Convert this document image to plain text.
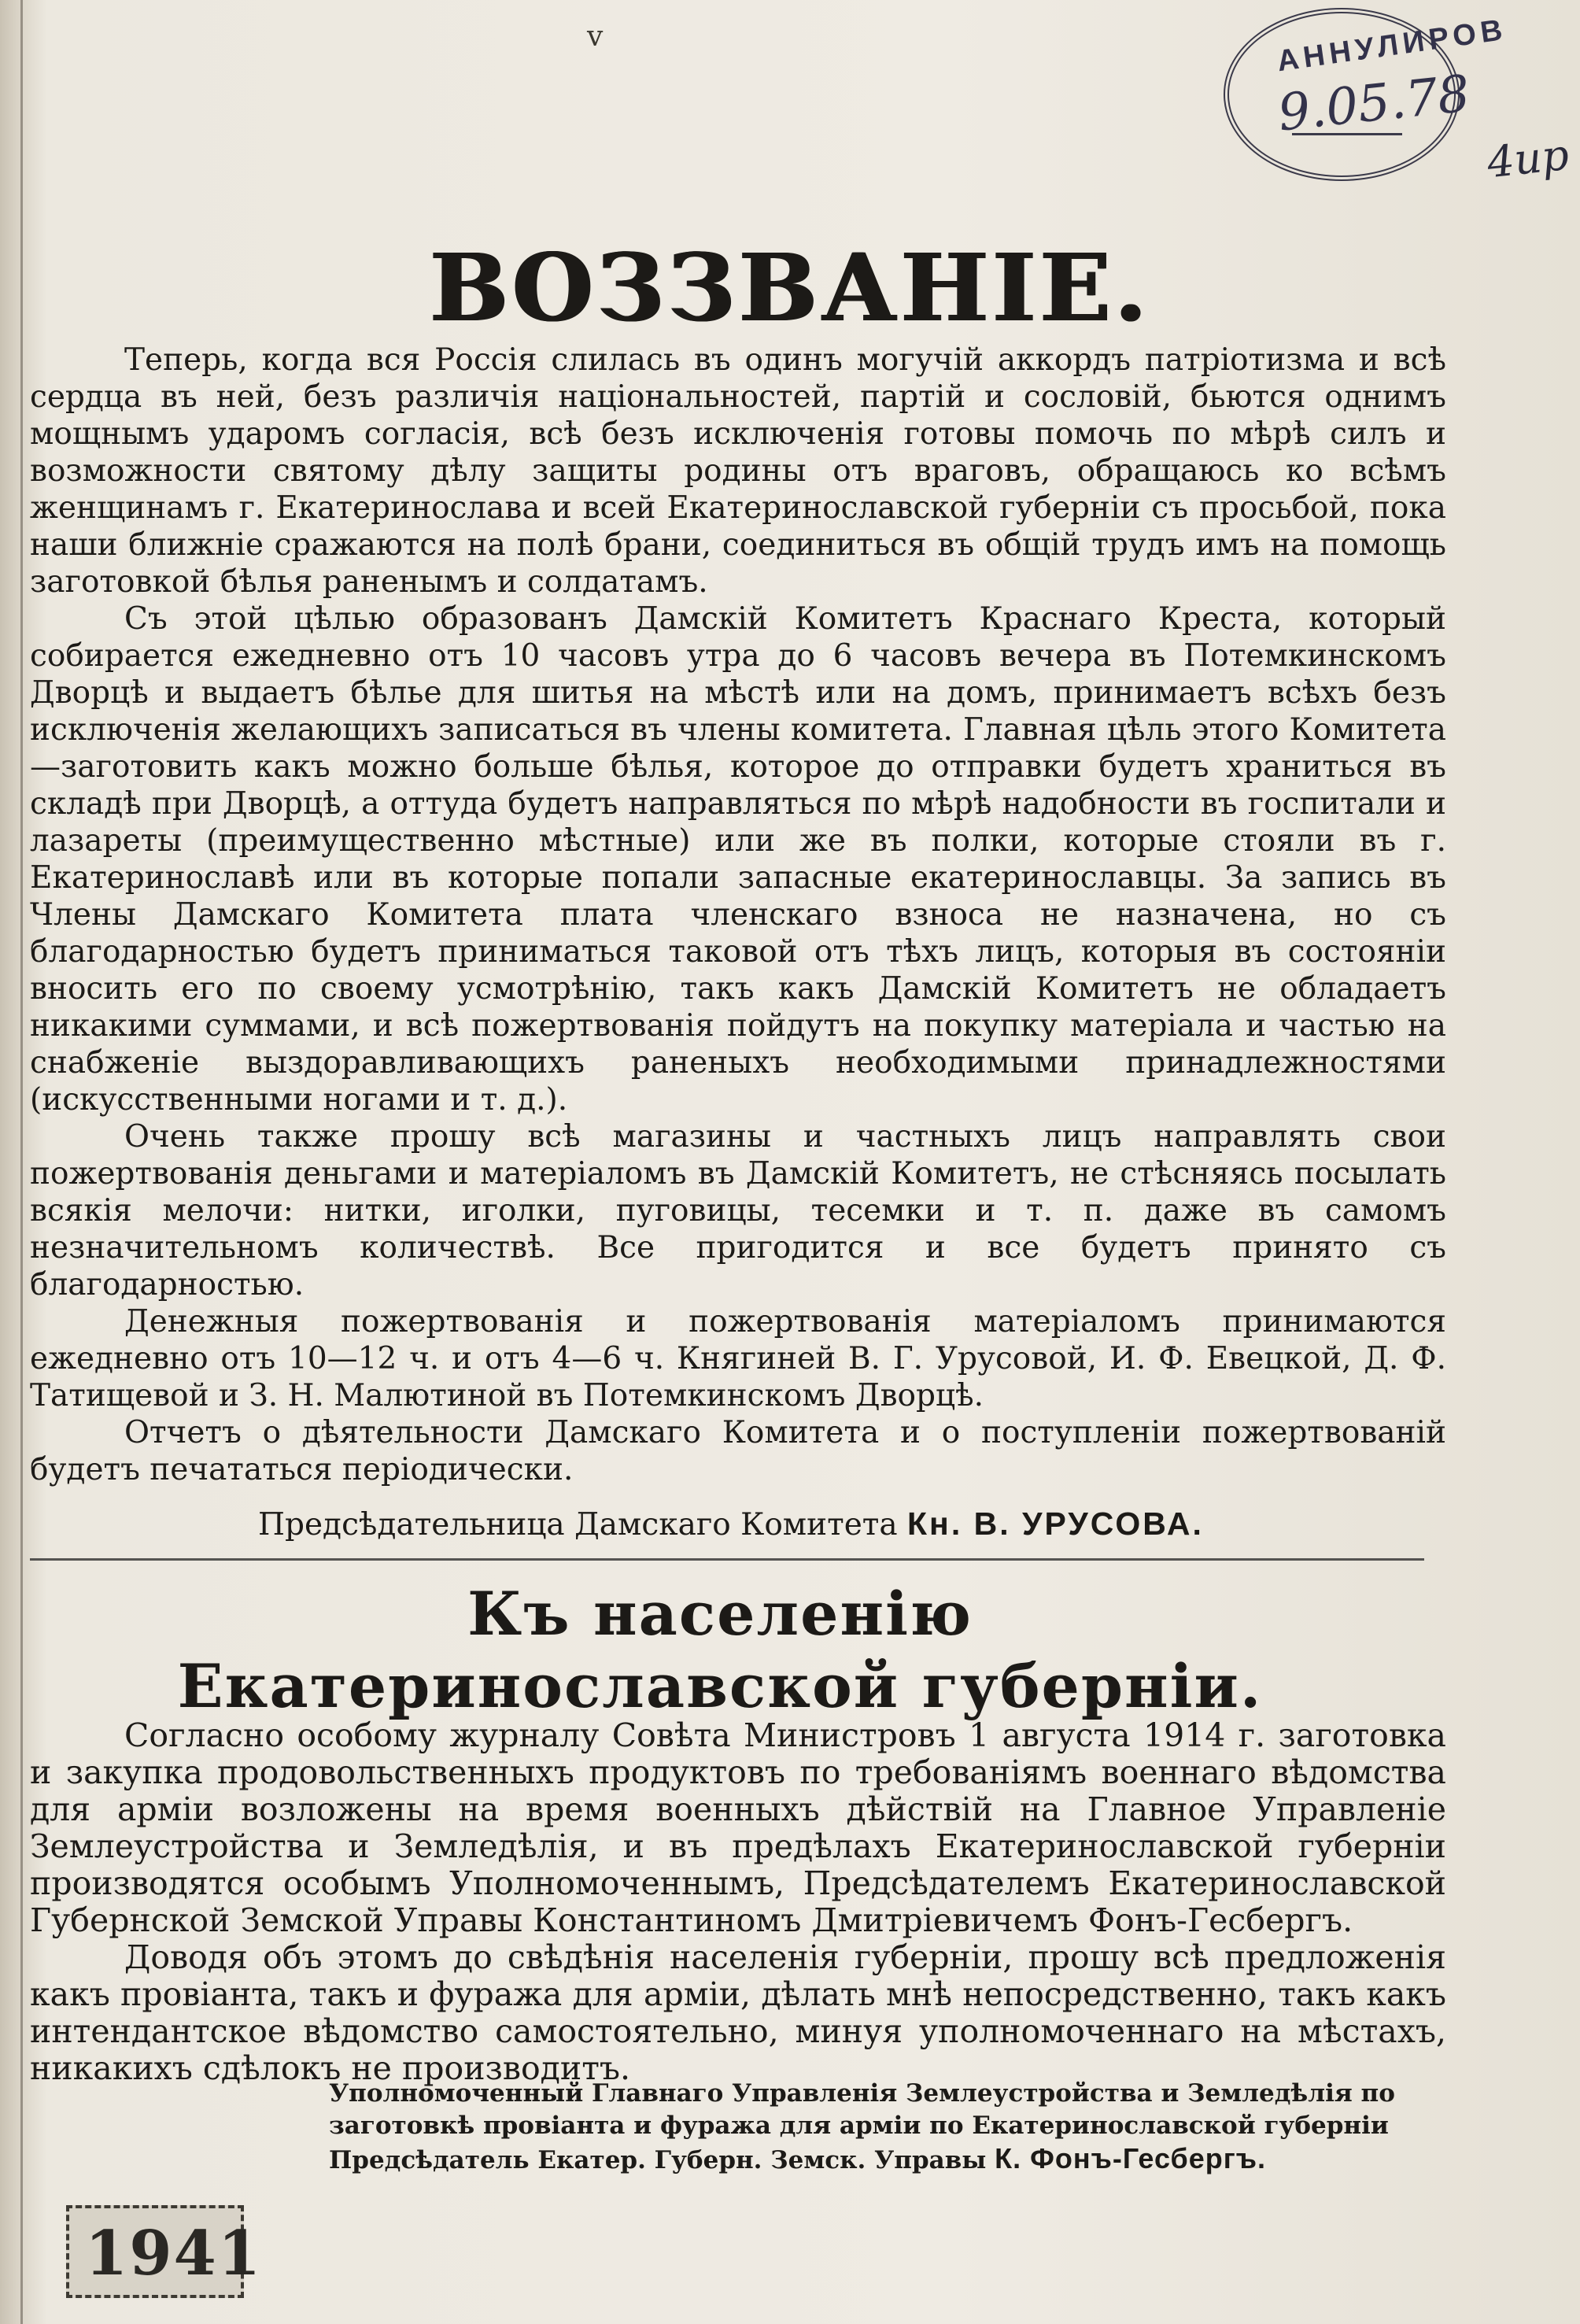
v	АННУЛИРОВ
9.05.78
4ир
ВОЗЗВАНІЕ.

Теперь, когда вся Россія слилась въ одинъ могучій аккордъ патріотизма и всѣ сердца въ ней, безъ различія національностей, партій и сословій, бьются однимъ мощнымъ ударомъ согласія, всѣ безъ исключенія готовы помочь по мѣрѣ силъ и возможности святому дѣлу защиты родины отъ враговъ, обращаюсь ко всѣмъ женщинамъ г. Екатеринослава и всей Екатеринославской губерніи съ просьбой, пока наши ближніе сражаются на полѣ брани, соединиться въ общій трудъ имъ на помощь заготовкой бѣлья раненымъ и солдатамъ.

Съ этой цѣлью образованъ Дамскій Комитетъ Краснаго Креста, который собирается ежедневно отъ 10 часовъ утра до 6 часовъ вечера въ Потемкинскомъ Дворцѣ и выдаетъ бѣлье для шитья на мѣстѣ или на домъ, принимаетъ всѣхъ безъ исключенія желающихъ записаться въ члены комитета. Главная цѣль этого Комитета—заготовить какъ можно больше бѣлья, которое до отправки будетъ храниться въ складѣ при Дворцѣ, а оттуда будетъ направляться по мѣрѣ надобности въ госпитали и лазареты (преимущественно мѣстные) или же въ полки, которые стояли въ г. Екатеринославѣ или въ которые попали запасные екатеринославцы. За запись въ Члены Дамскаго Комитета плата членскаго взноса не назначена, но съ благодарностью будетъ приниматься таковой отъ тѣхъ лицъ, которыя въ состояніи вносить его по своему усмотрѣнію, такъ какъ Дамскій Комитетъ не обладаетъ никакими суммами, и всѣ пожертвованія пойдутъ на покупку матеріала и частью на снабженіе выздоравливающихъ раненыхъ необходимыми принадлежностями (искусственными ногами и т. д.).

Очень также прошу всѣ магазины и частныхъ лицъ направлять свои пожертвованія деньгами и матеріаломъ въ Дамскій Комитетъ, не стѣсняясь посылать всякія мелочи: нитки, иголки, пуговицы, тесемки и т. п. даже въ самомъ незначительномъ количествѣ. Все пригодится и все будетъ принято съ благодарностью.

Денежныя пожертвованія и пожертвованія матеріаломъ принимаются ежедневно отъ 10—12 ч. и отъ 4—6 ч. Княгиней В. Г. Урусовой, И. Ф. Евецкой, Д. Ф. Татищевой и З. Н. Малютиной въ Потемкинскомъ Дворцѣ.

Отчетъ о дѣятельности Дамскаго Комитета и о поступленіи пожертвованій будетъ печататься періодически.

Предсѣдательница Дамскаго Комитета Кн. В. УРУСОВА.
Къ населенію
Екатеринославской губерніи.

Согласно особому журналу Совѣта Министровъ 1 августа 1914 г. заготовка и закупка продовольственныхъ продуктовъ по требованіямъ военнаго вѣдомства для арміи возложены на время военныхъ дѣйствій на Главное Управленіе Землеустройства и Земледѣлія, и въ предѣлахъ Екатеринославской губерніи производятся особымъ Уполномоченнымъ, Предсѣдателемъ Екатеринославской Губернской Земской Управы Константиномъ Дмитріевичемъ Фонъ-Гесбергъ.

Доводя объ этомъ до свѣдѣнія населенія губерніи, прошу всѣ предложенія какъ провіанта, такъ и фуража для арміи, дѣлать мнѣ непосредственно, такъ какъ интендантское вѣдомство самостоятельно, минуя уполномоченнаго на мѣстахъ, никакихъ сдѣлокъ не производитъ.

Уполномоченный Главнаго Управленія Землеустройства и Земледѣлія по
заготовкѣ провіанта и фуража для арміи по Екатеринославской губерніи
Предсѣдатель Екатер. Губерн. Земск. Управы К. Фонъ-Гесбергъ.
1941
